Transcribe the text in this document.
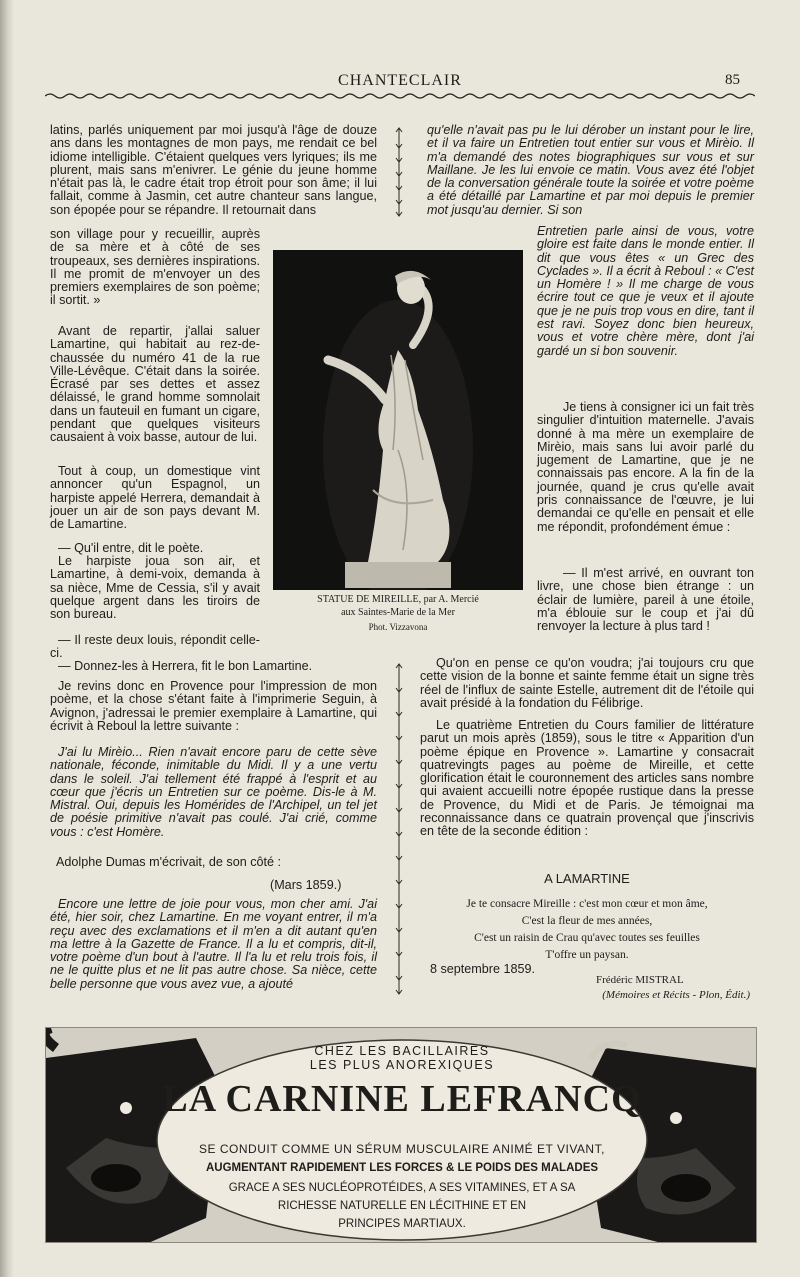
CHANTECLAIR	85
latins, parlés uniquement par moi jusqu'à l'âge de douze ans dans les montagnes de mon pays, me rendait ce bel idiome intelligible. C'étaient quelques vers lyriques; ils me plurent, mais sans m'enivrer. Le génie du jeune homme n'était pas là, le cadre était trop étroit pour son âme; il lui fallait, comme à Jasmin, cet autre chanteur sans langue, son épopée pour se répandre. Il retournait dans
son village pour y recueillir, auprès de sa mère et à côté de ses troupeaux, ses dernières inspirations. Il me promit de m'envoyer un des premiers exemplaires de son poème; il sortit. »
Avant de repartir, j'allai saluer Lamartine, qui habitait au rez-de-chaussée du numéro 41 de la rue Ville-Lévêque. C'était dans la soirée. Écrasé par ses dettes et assez délaissé, le grand homme somnolait dans un fauteuil en fumant un cigare, pendant que quelques visiteurs causaient à voix basse, autour de lui.
Tout à coup, un domestique vint annoncer qu'un Espagnol, un harpiste appelé Herrera, demandait à jouer un air de son pays devant M. de Lamartine.
— Qu'il entre, dit le poète.
Le harpiste joua son air, et Lamartine, à demi-voix, demanda à sa nièce, Mme de Cessia, s'il y avait quelque argent dans les tiroirs de son bureau.
— Il reste deux louis, répondit celle-ci.
— Donnez-les à Herrera, fit le bon Lamartine.
Je revins donc en Provence pour l'impression de mon poème, et la chose s'étant faite à l'imprimerie Seguin, à Avignon, j'adressai le premier exemplaire à Lamartine, qui écrivit à Reboul la lettre suivante :
J'ai lu Mirèio... Rien n'avait encore paru de cette sève nationale, féconde, inimitable du Midi. Il y a une vertu dans le soleil. J'ai tellement été frappé à l'esprit et au cœur que j'écris un Entretien sur ce poème. Dis-le à M. Mistral. Oui, depuis les Homérides de l'Archipel, un tel jet de poésie primitive n'avait pas coulé. J'ai crié, comme vous : c'est Homère.
Adolphe Dumas m'écrivait, de son côté :
(Mars 1859.)
Encore une lettre de joie pour vous, mon cher ami. J'ai été, hier soir, chez Lamartine. En me voyant entrer, il m'a reçu avec des exclamations et il m'en a dit autant qu'en ma lettre à la Gazette de France. Il a lu et compris, dit-il, votre poème d'un bout à l'autre. Il l'a lu et relu trois fois, il ne le quitte plus et ne lit pas autre chose. Sa nièce, cette belle personne que vous avez vue, a ajouté
qu'elle n'avait pas pu le lui dérober un instant pour le lire, et il va faire un Entretien tout entier sur vous et Mirèio. Il m'a demandé des notes biographiques sur vous et sur Maillane. Je les lui envoie ce matin. Vous avez été l'objet de la conversation générale toute la soirée et votre poème a été détaillé par Lamartine et par moi depuis le premier mot jusqu'au dernier. Si son
Entretien parle ainsi de vous, votre gloire est faite dans le monde entier. Il dit que vous êtes « un Grec des Cyclades ». Il a écrit à Reboul : « C'est un Homère ! » Il me charge de vous écrire tout ce que je veux et il ajoute que je ne puis trop vous en dire, tant il est ravi. Soyez donc bien heureux, vous et votre chère mère, dont j'ai gardé un si bon souvenir.
Je tiens à consigner ici un fait très singulier d'intuition maternelle. J'avais donné à ma mère un exemplaire de Mirèio, mais sans lui avoir parlé du jugement de Lamartine, que je ne connaissais pas encore. A la fin de la journée, quand je crus qu'elle avait pris connaissance de l'œuvre, je lui demandai ce qu'elle en pensait et elle me répondit, profondément émue :
— Il m'est arrivé, en ouvrant ton livre, une chose bien étrange : un éclair de lumière, pareil à une étoile, m'a éblouie sur le coup et j'ai dû renvoyer la lecture à plus tard !
Qu'on en pense ce qu'on voudra; j'ai toujours cru que cette vision de la bonne et sainte femme était un signe très réel de l'influx de sainte Estelle, autrement dit de l'étoile qui avait présidé à la fondation du Félibrige.
Le quatrième Entretien du Cours familier de littérature parut un mois après (1859), sous le titre « Apparition d'un poème épique en Provence ». Lamartine y consacrait quatrevingts pages au poème de Mireille, et cette glorification était le couronnement des articles sans nombre qui avaient accueilli notre épopée rustique dans la presse de Provence, du Midi et de Paris. Je témoignai ma reconnaissance dans ce quatrain provençal que j'inscrivis en tête de la seconde édition :
A LAMARTINE
Je te consacre Mireille : c'est mon cœur et mon âme,
C'est la fleur de mes années,
C'est un raisin de Crau qu'avec toutes ses feuilles
T'offre un paysan.
8 septembre 1859.
Frédéric MISTRAL
(Mémoires et Récits - Plon, Édit.)
STATUE DE MIREILLE, par A. Mercié
aux Saintes-Marie de la Mer
Phot. Vizzavona
CHEZ LES BACILLAIRES
LES PLUS ANOREXIQUES
LA CARNINE LEFRANCQ
SE CONDUIT COMME UN SÉRUM MUSCULAIRE ANIMÉ ET VIVANT,
AUGMENTANT RAPIDEMENT LES FORCES & LE POIDS DES MALADES
GRACE A SES NUCLÉOPROTÉIDES, A SES VITAMINES, ET A SA
RICHESSE NATURELLE EN LÉCITHINE ET EN
PRINCIPES MARTIAUX.
